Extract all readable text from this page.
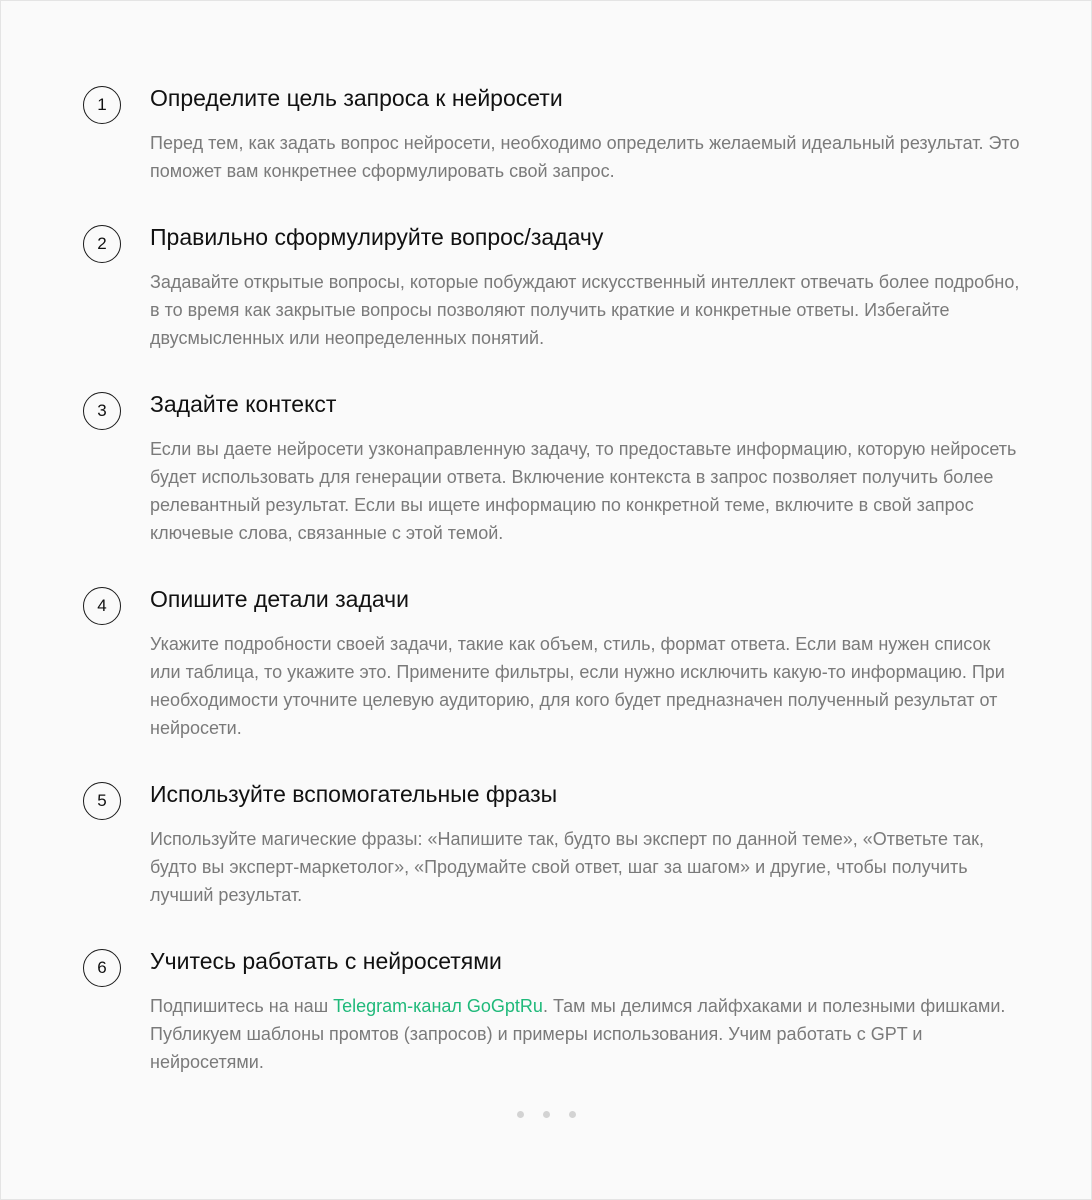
1	Определите цель запроса к нейросети

Перед тем, как задать вопрос нейросети, необходимо определить желаемый идеальный результат. Это поможет вам конкретнее сформулировать свой запрос.

2	Правильно сформулируйте вопрос/задачу

Задавайте открытые вопросы, которые побуждают искусственный интеллект отвечать более подробно, в то время как закрытые вопросы позволяют получить краткие и конкретные ответы. Избегайте двусмысленных или неопределенных понятий.

3	Задайте контекст

Если вы даете нейросети узконаправленную задачу, то предоставьте информацию, которую нейросеть будет использовать для генерации ответа. Включение контекста в запрос позволяет получить более релевантный результат. Если вы ищете информацию по конкретной теме, включите в свой запрос ключевые слова, связанные с этой темой.

4	Опишите детали задачи

Укажите подробности своей задачи, такие как объем, стиль, формат ответа. Если вам нужен список или таблица, то укажите это. Примените фильтры, если нужно исключить какую-то информацию. При необходимости уточните целевую аудиторию, для кого будет предназначен полученный результат от нейросети.

5	Используйте вспомогательные фразы

Используйте магические фразы: «Напишите так, будто вы эксперт по данной теме», «Ответьте так, будто вы эксперт-маркетолог», «Продумайте свой ответ, шаг за шагом» и другие, чтобы получить лучший результат.

6	Учитесь работать с нейросетями

Подпишитесь на наш Telegram-канал GoGptRu. Там мы делимся лайфхаками и полезными фишками. Публикуем шаблоны промтов (запросов) и примеры использования. Учим работать с GPT и нейросетями.
